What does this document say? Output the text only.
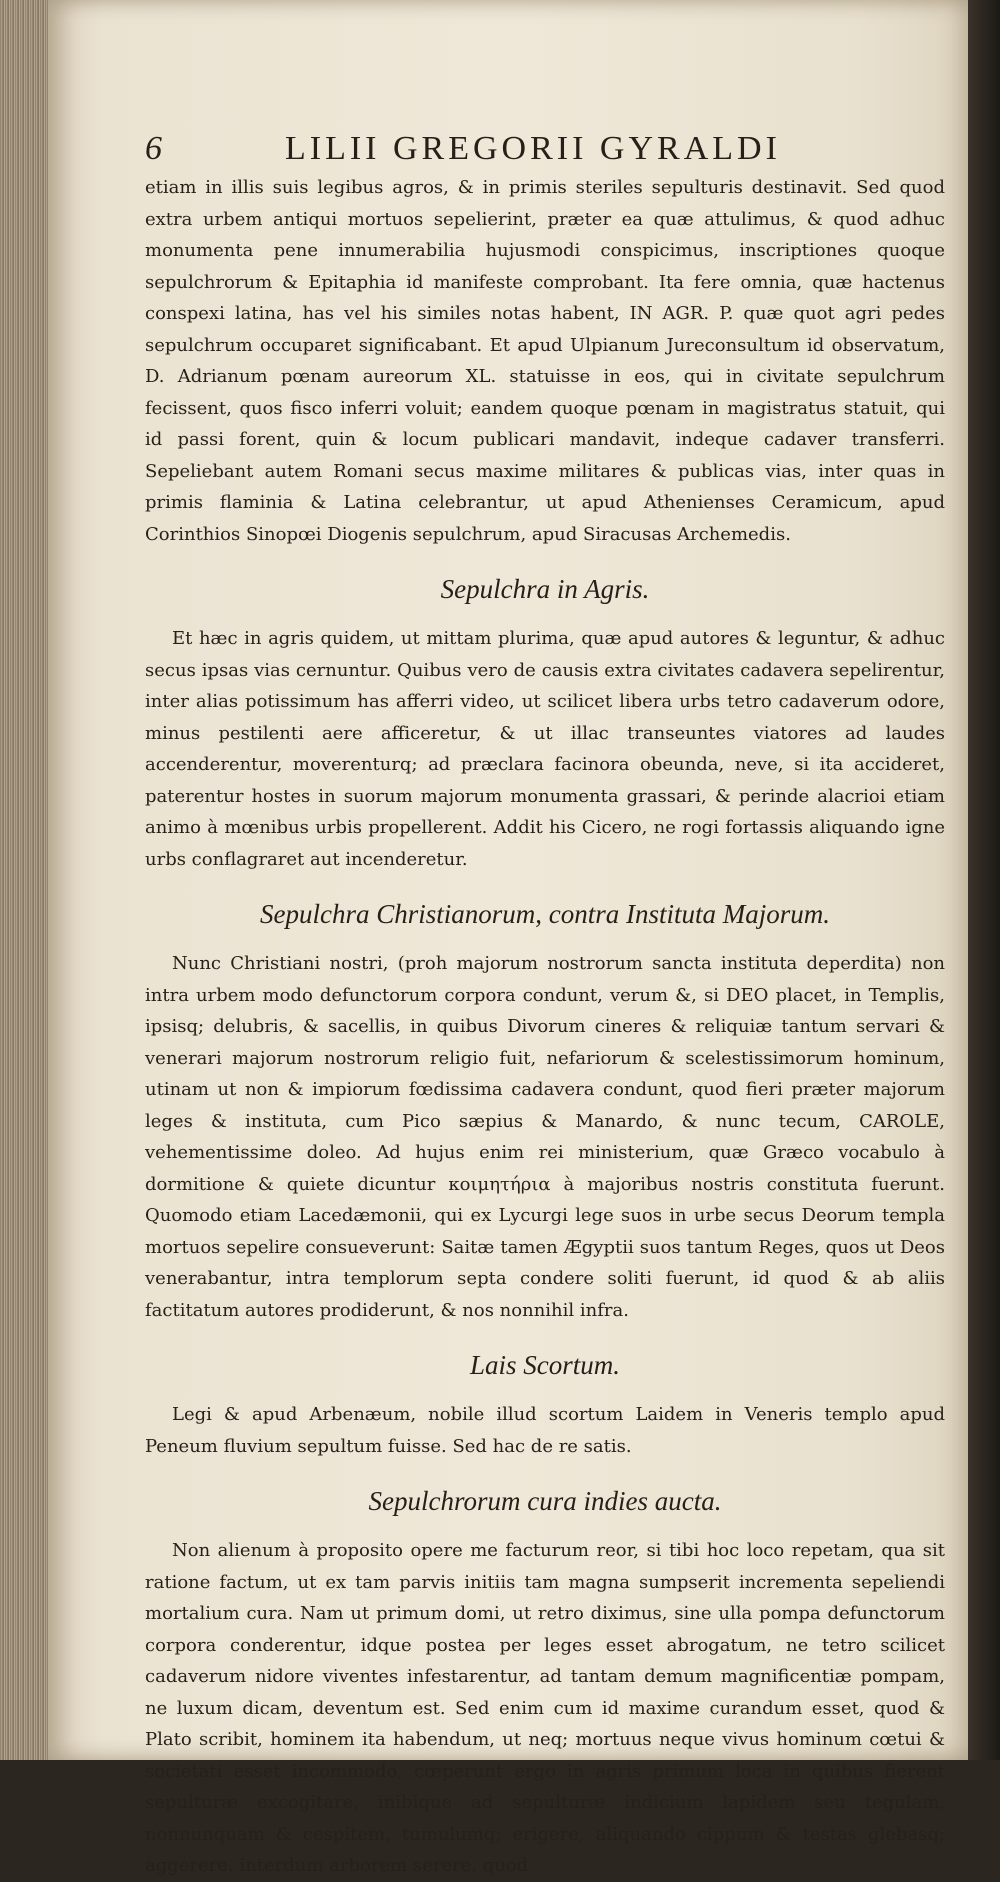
6	LILII GREGORII GYRALDI

etiam in illis suis legibus agros, & in primis steriles sepulturis destinavit. Sed quod extra urbem antiqui mortuos sepelierint, præter ea quæ attulimus, & quod adhuc monumenta pene innumerabilia hujusmodi conspicimus, inscriptiones quoque sepulchrorum & Epitaphia id manifeste comprobant. Ita fere omnia, quæ hactenus conspexi latina, has vel his similes notas habent, IN AGR. P. quæ quot agri pedes sepulchrum occuparet significabant. Et apud Ulpianum Jureconsultum id observatum, D. Adrianum pœnam aureorum XL. statuisse in eos, qui in civitate sepulchrum fecissent, quos fisco inferri voluit; eandem quoque pœnam in magistratus statuit, qui id passi forent, quin & locum publicari mandavit, indeque cadaver transferri. Sepeliebant autem Romani secus maxime militares & publicas vias, inter quas in primis flaminia & Latina celebrantur, ut apud Athenienses Ceramicum, apud Corinthios Sinopœi Diogenis sepulchrum, apud Siracusas Archemedis.

Sepulchra in Agris.

Et hæc in agris quidem, ut mittam plurima, quæ apud autores & leguntur, & adhuc secus ipsas vias cernuntur. Quibus vero de causis extra civitates cadavera sepelirentur, inter alias potissimum has afferri video, ut scilicet libera urbs tetro cadaverum odore, minus pestilenti aere afficeretur, & ut illac transeuntes viatores ad laudes accenderentur, moverenturq; ad præclara facinora obeunda, neve, si ita accideret, paterentur hostes in suorum majorum monumenta grassari, & perinde alacrioi etiam animo à mœnibus urbis propellerent. Addit his Cicero, ne rogi fortassis aliquando igne urbs conflagraret aut incenderetur.

Sepulchra Christianorum, contra Instituta Majorum.

Nunc Christiani nostri, (proh majorum nostrorum sancta instituta deperdita) non intra urbem modo defunctorum corpora condunt, verum &, si DEO placet, in Templis, ipsisq; delubris, & sacellis, in quibus Divorum cineres & reliquiæ tantum servari & venerari majorum nostrorum religio fuit, nefariorum & scelestissimorum hominum, utinam ut non & impiorum fœdissima cadavera condunt, quod fieri præter majorum leges & instituta, cum Pico sæpius & Manardo, & nunc tecum, CAROLE, vehementissime doleo. Ad hujus enim rei ministerium, quæ Græco vocabulo à dormitione & quiete dicuntur κοιμητήρια à majoribus nostris constituta fuerunt. Quomodo etiam Lacedæmonii, qui ex Lycurgi lege suos in urbe secus Deorum templa mortuos sepelire consueverunt: Saitæ tamen Ægyptii suos tantum Reges, quos ut Deos venerabantur, intra templorum septa condere soliti fuerunt, id quod & ab aliis factitatum autores prodiderunt, & nos nonnihil infra.

Lais Scortum.

Legi & apud Arbenæum, nobile illud scortum Laidem in Veneris templo apud Peneum fluvium sepultum fuisse. Sed hac de re satis.

Sepulchrorum cura indies aucta.

Non alienum à proposito opere me facturum reor, si tibi hoc loco repetam, qua sit ratione factum, ut ex tam parvis initiis tam magna sumpserit incrementa sepeliendi mortalium cura. Nam ut primum domi, ut retro diximus, sine ulla pompa defunctorum corpora conderentur, idque postea per leges esset abrogatum, ne tetro scilicet cadaverum nidore viventes infestarentur, ad tantam demum magnificentiæ pompam, ne luxum dicam, deventum est. Sed enim cum id maxime curandum esset, quod & Plato scribit, hominem ita habendum, ut neq; mortuus neque vivus hominum cœtui & societati esset incommodo, cœperunt ergo in agris primum loca in quibus fierent sepulturæ excogitare, inibique ad sepulturæ indicium lapidem seu tegulam, nonnunquam & cespitem, tumulumq; erigere, aliquando cippum & testas glebasq; aggerere, interdum arborem serere, quod
